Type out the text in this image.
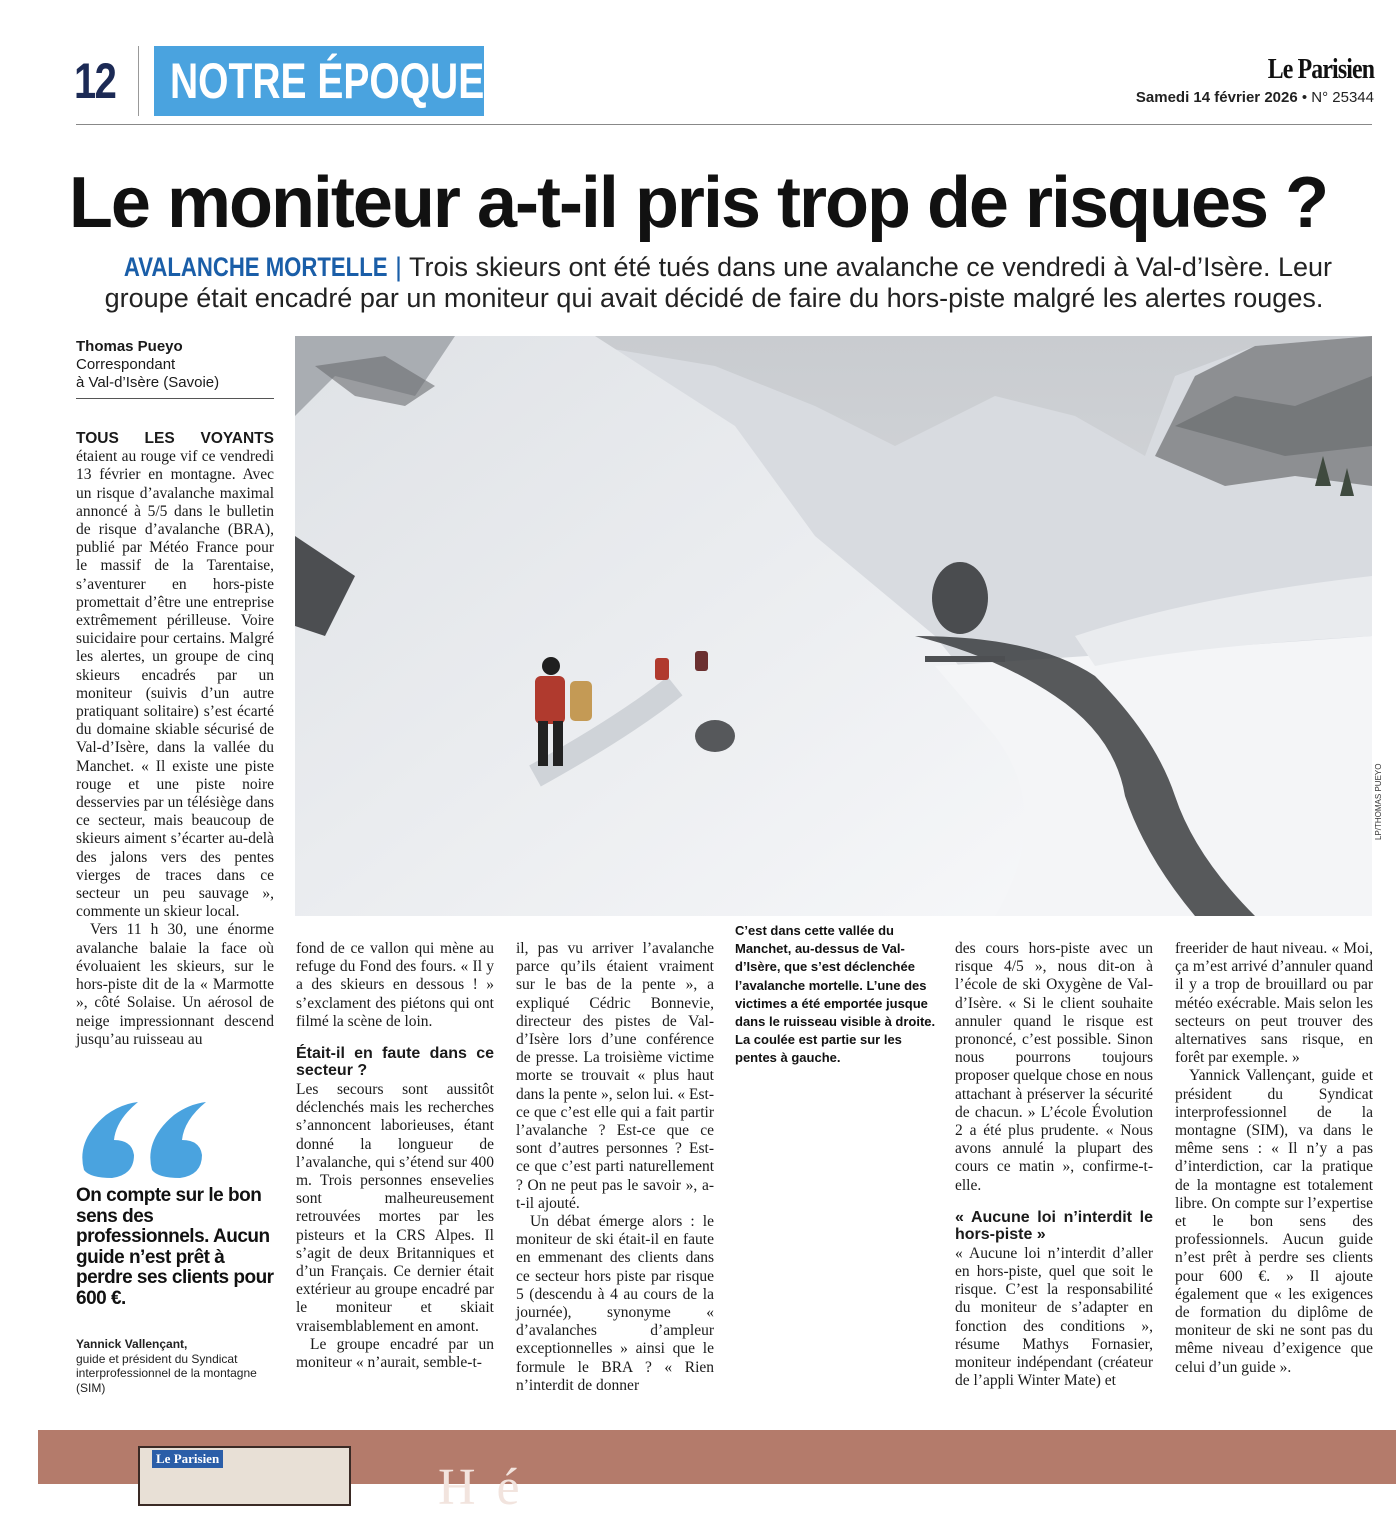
12 NOTRE ÉPOQUE	Le Parisien
Samedi 14 février 2026 • N° 25344
Le moniteur a-t-il pris trop de risques ?
AVALANCHE MORTELLE | Trois skieurs ont été tués dans une avalanche ce vendredi à Val-d’Isère. Leur groupe était encadré par un moniteur qui avait décidé de faire du hors-piste malgré les alertes rouges.
Thomas Pueyo
Correspondant
à Val-d’Isère (Savoie)
LP/THOMAS PUEYO

TOUS LES VOYANTS étaient au rouge vif ce vendredi 13 février en montagne. Avec un risque d’avalanche maximal annoncé à 5/5 dans le bulletin de risque d’avalanche (BRA), publié par Météo France pour le massif de la Tarentaise, s’aventurer en hors-piste promettait d’être une entreprise extrêmement périlleuse. Voire suicidaire pour certains. Malgré les alertes, un groupe de cinq skieurs encadrés par un moniteur (suivis d’un autre pratiquant solitaire) s’est écarté du domaine skiable sécurisé de Val-d’Isère, dans la vallée du Manchet. « Il existe une piste rouge et une piste noire desservies par un télésiège dans ce secteur, mais beaucoup de skieurs aiment s’écarter au-delà des jalons vers des pentes vierges de traces dans ce secteur un peu sauvage », commente un skieur local.

Vers 11 h 30, une énorme avalanche balaie la face où évoluaient les skieurs, sur le hors-piste dit de la « Marmotte », côté Solaise. Un aérosol de neige impressionnant descend jusqu’au ruisseau au

On compte sur le bon sens des professionnels. Aucun guide n’est prêt à perdre ses clients pour 600 €.
Yannick Vallençant,
guide et président du Syndicat interprofessionnel de la montagne (SIM)

fond de ce vallon qui mène au refuge du Fond des fours. « Il y a des skieurs en dessous ! » s’exclament des piétons qui ont filmé la scène de loin.

Était-il en faute dans ce secteur ?

Les secours sont aussitôt déclenchés mais les recherches s’annoncent laborieuses, étant donné la longueur de l’avalanche, qui s’étend sur 400 m. Trois personnes ensevelies sont malheureusement retrouvées mortes par les pisteurs et la CRS Alpes. Il s’agit de deux Britanniques et d’un Français. Ce dernier était extérieur au groupe encadré par le moniteur et skiait vraisemblablement en amont.

Le groupe encadré par un moniteur « n’aurait, semble-t-

il, pas vu arriver l’avalanche parce qu’ils étaient vraiment sur le bas de la pente », a expliqué Cédric Bonnevie, directeur des pistes de Val-d’Isère lors d’une conférence de presse. La troisième victime morte se trouvait « plus haut dans la pente », selon lui. « Est-ce que c’est elle qui a fait partir l’avalanche ? Est-ce que ce sont d’autres personnes ? Est-ce que c’est parti naturellement ? On ne peut pas le savoir », a-t-il ajouté.

Un débat émerge alors : le moniteur de ski était-il en faute en emmenant des clients dans ce secteur hors piste par risque 5 (descendu à 4 au cours de la journée), synonyme « d’avalanches d’ampleur exceptionnelles » ainsi que le formule le BRA ? « Rien n’interdit de donner

C’est dans cette vallée du Manchet, au-dessus de Val-d’Isère, que s’est déclenchée l’avalanche mortelle. L’une des victimes a été emportée jusque dans le ruisseau visible à droite. La coulée est partie sur les pentes à gauche.

des cours hors-piste avec un risque 4/5 », nous dit-on à l’école de ski Oxygène de Val-d’Isère. « Si le client souhaite annuler quand le risque est prononcé, c’est possible. Sinon nous pourrons toujours proposer quelque chose en nous attachant à préserver la sécurité de chacun. » L’école Évolution 2 a été plus prudente. « Nous avons annulé la plupart des cours ce matin », confirme-t-elle.

« Aucune loi n’interdit le hors-piste »

« Aucune loi n’interdit d’aller en hors-piste, quel que soit le risque. C’est la responsabilité du moniteur de s’adapter en fonction des conditions », résume Mathys Fornasier, moniteur indépendant (créateur de l’appli Winter Mate) et

freerider de haut niveau. « Moi, ça m’est arrivé d’annuler quand il y a trop de brouillard ou par météo exécrable. Mais selon les secteurs on peut trouver des alternatives sans risque, en forêt par exemple. »

Yannick Vallençant, guide et président du Syndicat interprofessionnel de la montagne (SIM), va dans le même sens : « Il n’y a pas d’interdiction, car la pratique de la montagne est totalement libre. On compte sur l’expertise et le bon sens des professionnels. Aucun guide n’est prêt à perdre ses clients pour 600 €. » Il ajoute également que « les exigences de formation du diplôme de moniteur de ski ne sont pas du même niveau d’exigence que celui d’un guide ».

Le Parisien
H é
